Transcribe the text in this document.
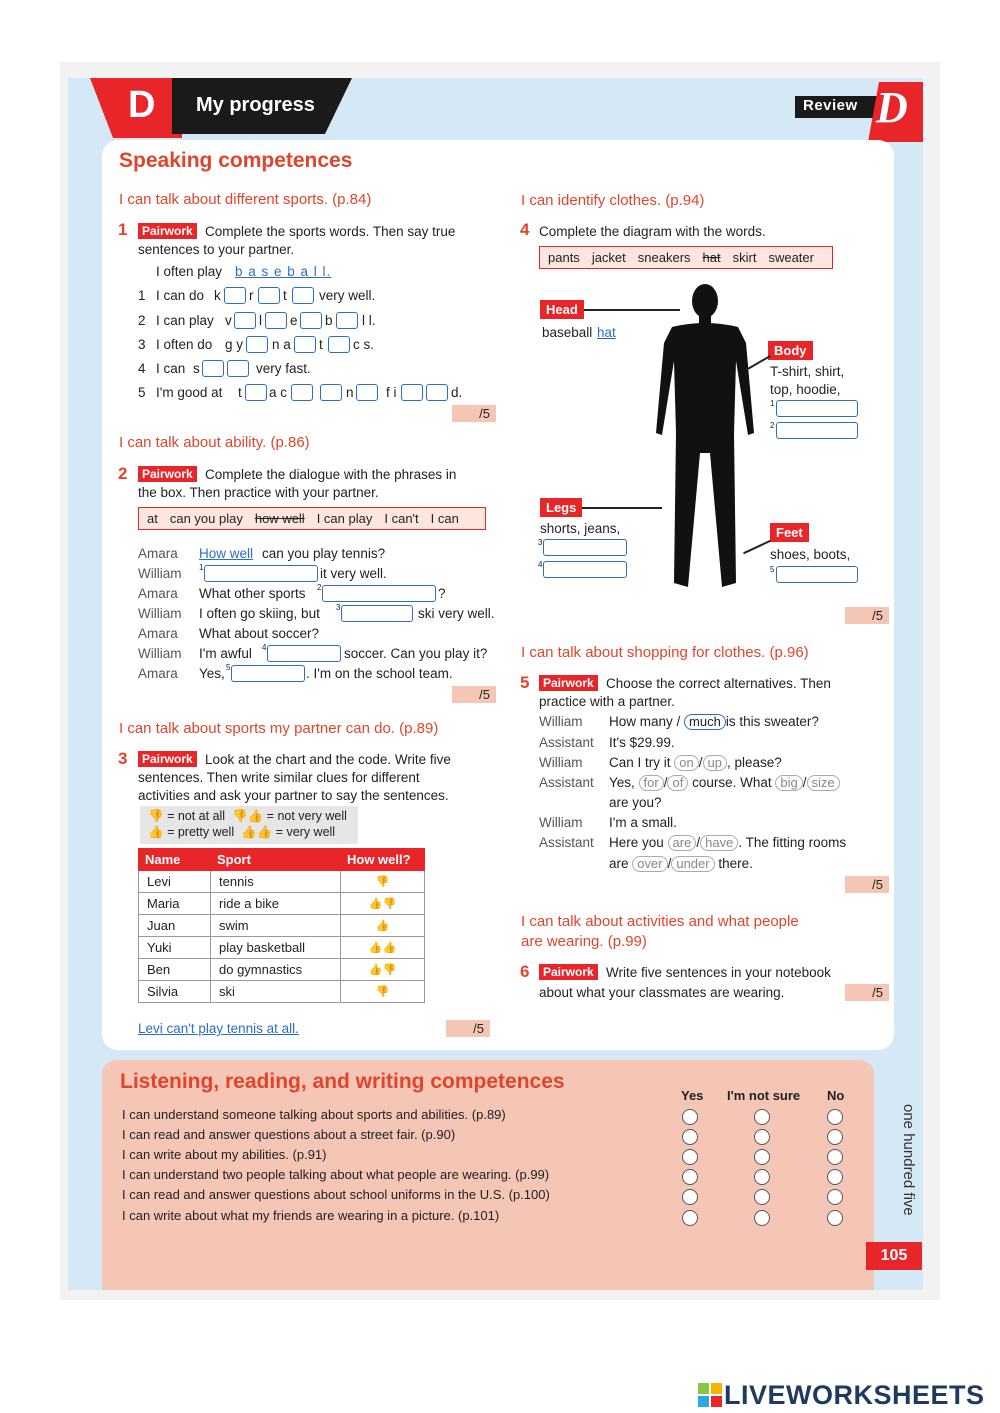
D My progress	Review D
Speaking competences
I can talk about different sports. (p.84)
1	Pairwork Complete the sports words. Then say true
sentences to your partner.
I often play b a s e b a l l.
1 I can do k r t very well.
2 I can play v l e b l l.
3 I often do g y n a t c s.
4 I can s	very fast.
5 I'm good at t a c	n f i	d.
/5
I can talk about ability. (p.86)
2	Pairwork Complete the dialogue with the phrases in
the box. Then practice with your partner.
at can you play how well I can play I can't I can
Amara How well can you play tennis?
William 1	it very well.
Amara What other sports 2	?
William I often go skiing, but 3	ski very well.
Amara What about soccer?
William I'm awful 4	soccer. Can you play it?
Amara Yes, 5	. I'm on the school team.
/5
I can talk about sports my partner can do. (p.89)
3	Pairwork Look at the chart and the code. Write five
sentences. Then write similar clues for different
activities and ask your partner to say the sentences.
👎 = not at all 👎👍 = not very well
👍 = pretty well 👍👍 = very well
Name	Sport	How well?
Levi	tennis	👎
Maria	ride a bike	👍👎
Juan	swim	👍
Yuki	play basketball	👍👍
Ben	do gymnastics	👍👎
Silvia	ski	👎
Levi can't play tennis at all.	/5
I can identify clothes. (p.94)
4 Complete the diagram with the words.
pants jacket sneakers hat skirt sweater
Head
baseball hat
Body
T-shirt, shirt,
top, hoodie,
1
2
Legs
shorts, jeans,
3
4
Feet
shoes, boots,
5
/5
I can talk about shopping for clothes. (p.96)
5	Pairwork Choose the correct alternatives. Then
practice with a partner.
William How many / much is this sweater?
Assistant It's $29.99.
William Can I try it on / up , please?
Assistant Yes, for / of course. What big / size
are you?
William I'm a small.
Assistant Here you are / have . The fitting rooms
are over / under there.
/5
I can talk about activities and what people
are wearing. (p.99)
6	Pairwork Write five sentences in your notebook
about what your classmates are wearing.	/5
Listening, reading, and writing competences
Yes I'm not sure No
I can understand someone talking about sports and abilities. (p.89)
I can read and answer questions about a street fair. (p.90)
I can write about my abilities. (p.91)
I can understand two people talking about what people are wearing. (p.99)
I can read and answer questions about school uniforms in the U.S. (p.100)
I can write about what my friends are wearing in a picture. (p.101)	one hundred five
105
LIVEWORKSHEETS
